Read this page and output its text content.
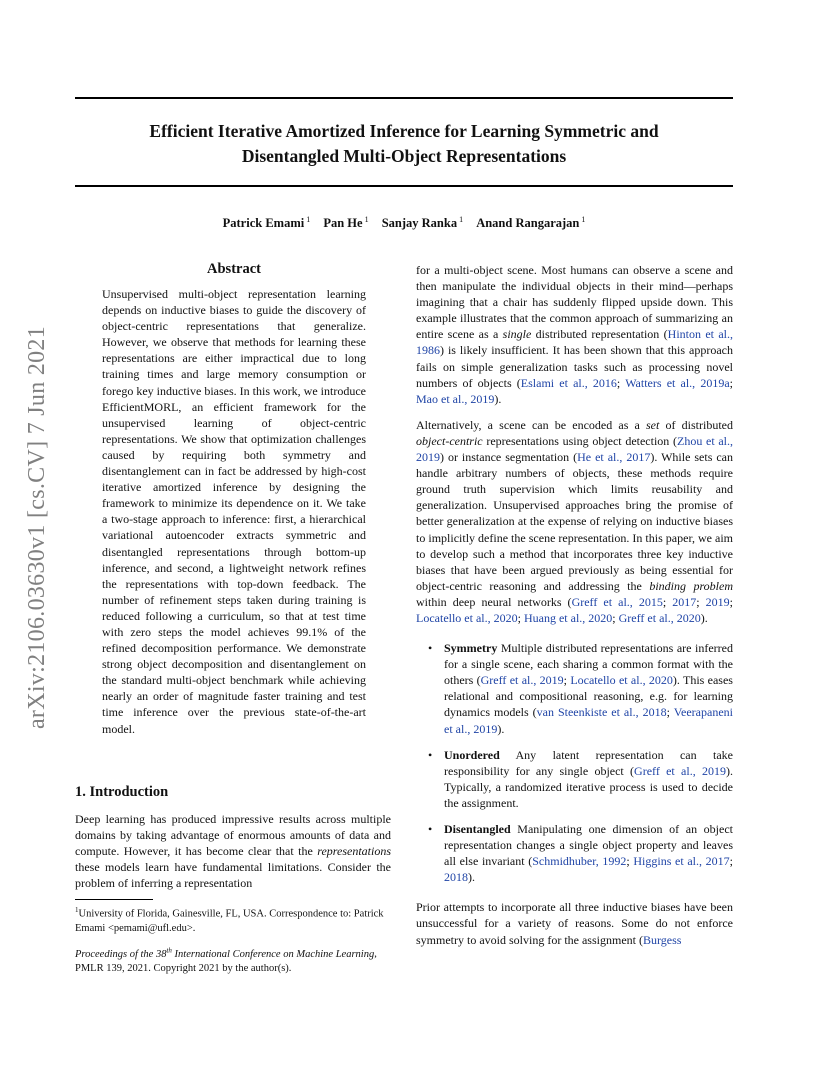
Efficient Iterative Amortized Inference for Learning Symmetric and
Disentangled Multi-Object Representations
Patrick Emami $^1$ Pan He $^1$ Sanjay Ranka $^1$ Anand Rangarajan $^1$
arXiv:2106.03630v1 [cs.CV] 7 Jun 2021
Abstract

Unsupervised multi-object representation learning depends on inductive biases to guide the discovery of object-centric representations that generalize. However, we observe that methods for learning these representations are either impractical due to long training times and large memory consumption or forego key inductive biases. In this work, we introduce EfficientMORL, an efficient framework for the unsupervised learning of object-centric representations. We show that optimization challenges caused by requiring both symmetry and disentanglement can in fact be addressed by high-cost iterative amortized inference by designing the framework to minimize its dependence on it. We take a two-stage approach to inference: first, a hierarchical variational autoencoder extracts symmetric and disentangled representations through bottom-up inference, and second, a lightweight network refines the representations with top-down feedback. The number of refinement steps taken during training is reduced following a curriculum, so that at test time with zero steps the model achieves 99.1% of the refined decomposition performance. We demonstrate strong object decomposition and disentanglement on the standard multi-object benchmark while achieving nearly an order of magnitude faster training and test time inference over the previous state-of-the-art model.

1. Introduction

Deep learning has produced impressive results across multiple domains by taking advantage of enormous amounts of data and compute. However, it has become clear that the representations these models learn have fundamental limitations. Consider the problem of inferring a representation

$^1$University of Florida, Gainesville, FL, USA. Correspondence to: Patrick Emami <pemami@ufl.edu>.

Proceedings of the 38th International Conference on Machine Learning, PMLR 139, 2021. Copyright 2021 by the author(s).

for a multi-object scene. Most humans can observe a scene and then manipulate the individual objects in their mind—perhaps imagining that a chair has suddenly flipped upside down. This example illustrates that the common approach of summarizing an entire scene as a single distributed representation (Hinton et al., 1986) is likely insufficient. It has been shown that this approach fails on simple generalization tasks such as processing novel numbers of objects (Eslami et al., 2016; Watters et al., 2019a; Mao et al., 2019).

Alternatively, a scene can be encoded as a set of distributed object-centric representations using object detection (Zhou et al., 2019) or instance segmentation (He et al., 2017). While sets can handle arbitrary numbers of objects, these methods require ground truth supervision which limits reusability and generalization. Unsupervised approaches bring the promise of better generalization at the expense of relying on inductive biases to implicitly define the scene representation. In this paper, we aim to develop such a method that incorporates three key inductive biases that have been argued previously as being essential for object-centric reasoning and addressing the binding problem within deep neural networks (Greff et al., 2015; 2017; 2019; Locatello et al., 2020; Huang et al., 2020; Greff et al., 2020).

• Symmetry Multiple distributed representations are inferred for a single scene, each sharing a common format with the others (Greff et al., 2019; Locatello et al., 2020). This eases relational and compositional reasoning, e.g. for learning dynamics models (van Steenkiste et al., 2018; Veerapaneni et al., 2019).
• Unordered Any latent representation can take responsibility for any single object (Greff et al., 2019). Typically, a randomized iterative process is used to decide the assignment.
• Disentangled Manipulating one dimension of an object representation changes a single object property and leaves all else invariant (Schmidhuber, 1992; Higgins et al., 2017; 2018).

Prior attempts to incorporate all three inductive biases have been unsuccessful for a variety of reasons. Some do not enforce symmetry to avoid solving for the assignment (Burgess
